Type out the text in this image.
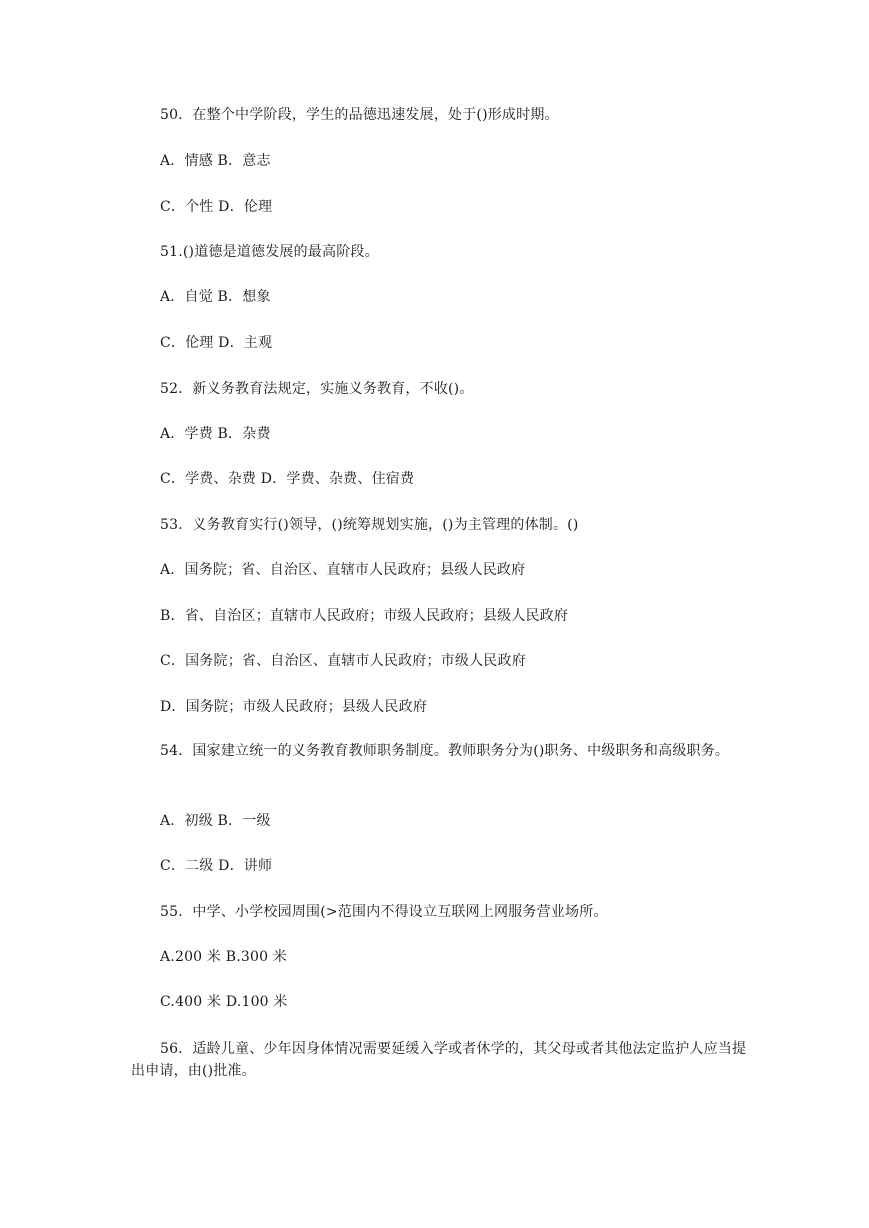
50．在整个中学阶段，学生的品德迅速发展，处于()形成时期。
A．情感 B．意志
C．个性 D．伦理
51.()道德是道德发展的最高阶段。
A．自觉 B．想象
C．伦理 D．主观
52．新义务教育法规定，实施义务教育，不收()。
A．学费 B．杂费
C．学费、杂费 D．学费、杂费、住宿费
53．义务教育实行()领导，()统筹规划实施，()为主管理的体制。()
A．国务院；省、自治区、直辖市人民政府；县级人民政府
B．省、自治区；直辖市人民政府；市级人民政府；县级人民政府
C．国务院；省、自治区、直辖市人民政府；市级人民政府
D．国务院；市级人民政府；县级人民政府
54．国家建立统一的义务教育教师职务制度。教师职务分为()职务、中级职务和高级职务。
A．初级 B．一级
C．二级 D．讲师
55．中学、小学校园周围(>范围内不得设立互联网上网服务营业场所。
A.200 米 B.300 米
C.400 米 D.100 米
56．适龄儿童、少年因身体情况需要延缓入学或者休学的，其父母或者其他法定监护人应当提出申请，由()批准。
